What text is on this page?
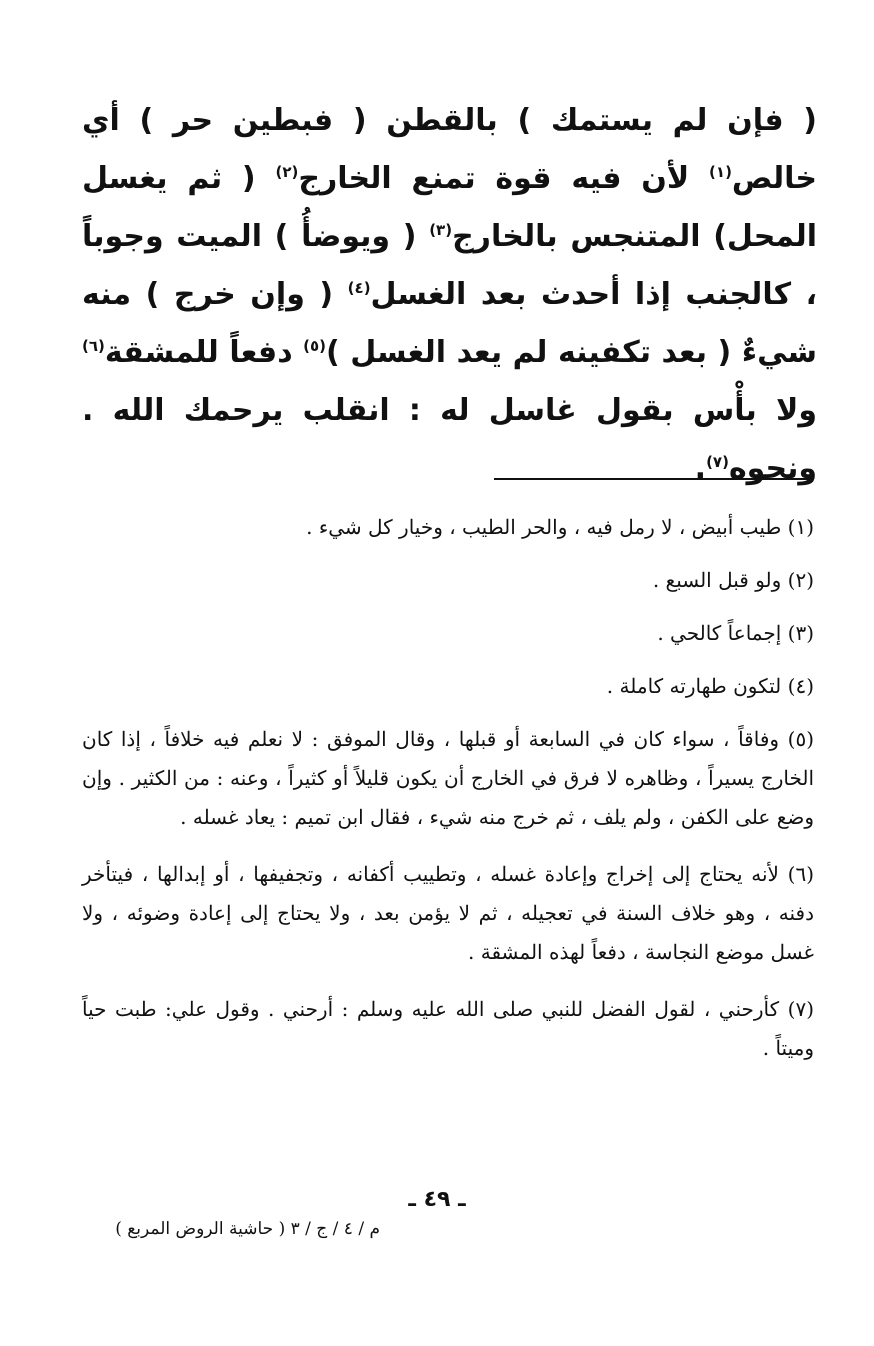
( فإن لم يستمك ) بالقطن ( فبطين حر ) أي خالص$^{(١)}$ لأن فيه قوة تمنع الخارج$^{(٢)}$ ( ثم يغسل المحل) المتنجس بالخارج$^{(٣)}$ ( ويوضأُ ) الميت وجوباً ، كالجنب إذا أحدث بعد الغسل$^{(٤)}$ ( وإن خرج ) منه شيءٌ ( بعد تكفينه لم يعد الغسل )$^{(٥)}$ دفعاً للمشقة$^{(٦)}$ ولا بأْس بقول غاسل له : انقلب يرحمك الله . ونحوه$^{(٧)}$.

(١) طيب أبيض ، لا رمل فيه ، والحر الطيب ، وخيار كل شيء .

(٢) ولو قبل السبع .

(٣) إجماعاً كالحي .

(٤) لتكون طهارته كاملة .

(٥) وفاقاً ، سواء كان في السابعة أو قبلها ، وقال الموفق : لا نعلم فيه خلافاً ، إذا كان الخارج يسيراً ، وظاهره لا فرق في الخارج أن يكون قليلاً أو كثيراً ، وعنه : من الكثير . وإن وضع على الكفن ، ولم يلف ، ثم خرج منه شيء ، فقال ابن تميم : يعاد غسله .

(٦) لأنه يحتاج إلى إخراج وإعادة غسله ، وتطييب أكفانه ، وتجفيفها ، أو إبدالها ، فيتأخر دفنه ، وهو خلاف السنة في تعجيله ، ثم لا يؤمن بعد ، ولا يحتاج إلى إعادة وضوئه ، ولا غسل موضع النجاسة ، دفعاً لهذه المشقة .

(٧) كأرحني ، لقول الفضل للنبي صلى الله عليه وسلم : أرحني . وقول علي: طبت حياً وميتاً .

ـ ٤٩ ـ
م / ٤ / ج / ٣ ( حاشية الروض المربع )
